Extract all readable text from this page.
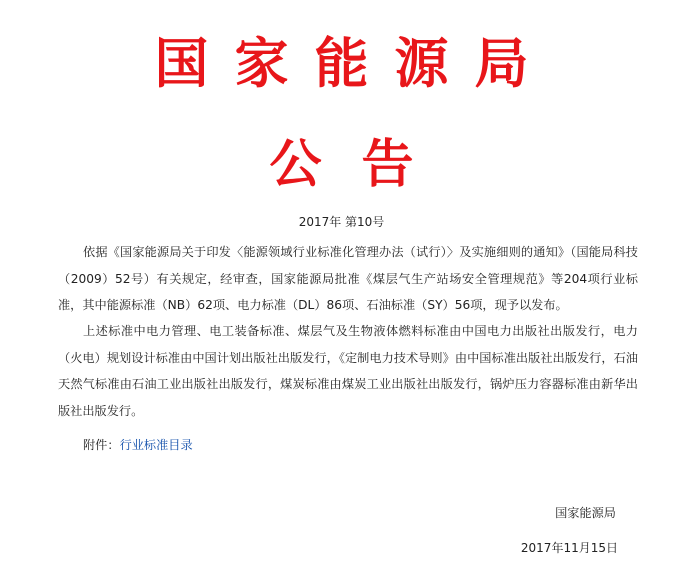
国家能源局
公告
2017年 第10号

依据《国家能源局关于印发〈能源领域行业标准化管理办法（试行）〉及实施细则的通知》（国能局科技（2009）52号）有关规定，经审查，国家能源局批准《煤层气生产站场安全管理规范》等204项行业标准，其中能源标准（NB）62项、电力标准（DL）86项、石油标准（SY）56项，现予以发布。

上述标准中电力管理、电工装备标准、煤层气及生物液体燃料标准由中国电力出版社出版发行，电力（火电）规划设计标准由中国计划出版社出版发行，《定制电力技术导则》由中国标准出版社出版发行，石油天然气标准由石油工业出版社出版发行，煤炭标准由煤炭工业出版社出版发行，锅炉压力容器标准由新华出版社出版发行。

附件：行业标准目录
国家能源局
2017年11月15日
